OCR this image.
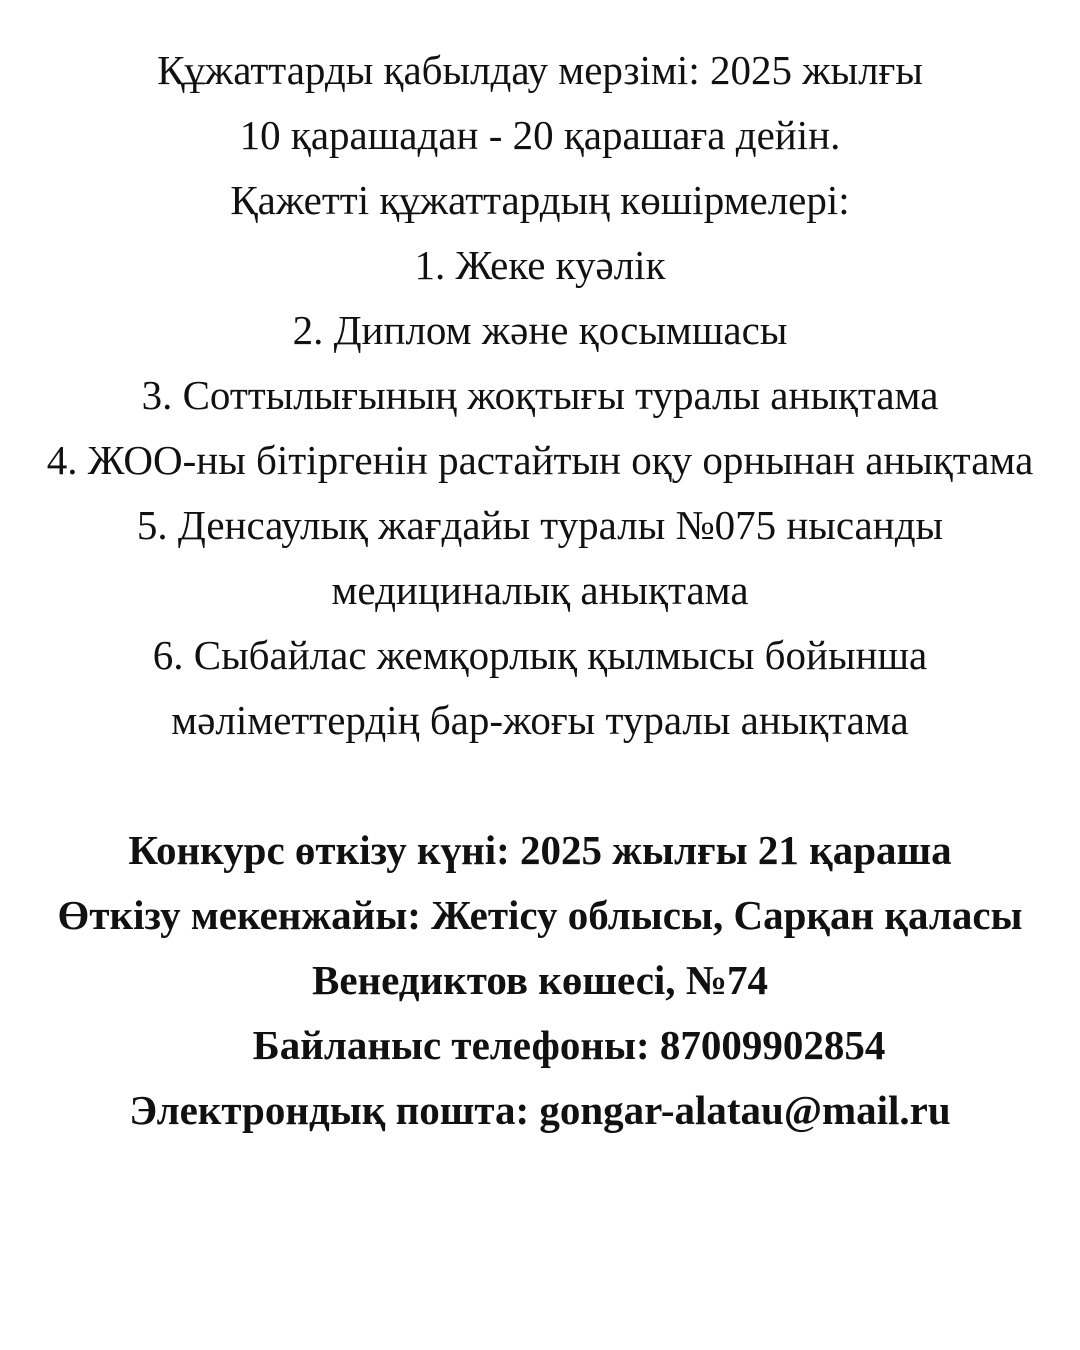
Құжаттарды қабылдау мерзімі: 2025 жылғы
10 қарашадан - 20 қарашаға дейін.
Қажетті құжаттардың көшірмелері:
1. Жеке куәлік
2. Диплом және қосымшасы
3. Соттылығының жоқтығы туралы анықтама
4. ЖОО-ны бітіргенін растайтын оқу орнынан анықтама
5. Денсаулық жағдайы туралы №075 нысанды
медициналық анықтама
6. Сыбайлас жемқорлық қылмысы бойынша
мәліметтердің бар-жоғы туралы анықтама
Конкурс өткізу күні: 2025 жылғы 21 қараша
Өткізу мекенжайы: Жетісу облысы, Сарқан қаласы
Венедиктов көшесі, №74
Байланыс телефоны: 87009902854
Электрондық пошта: gongar-alatau@mail.ru
